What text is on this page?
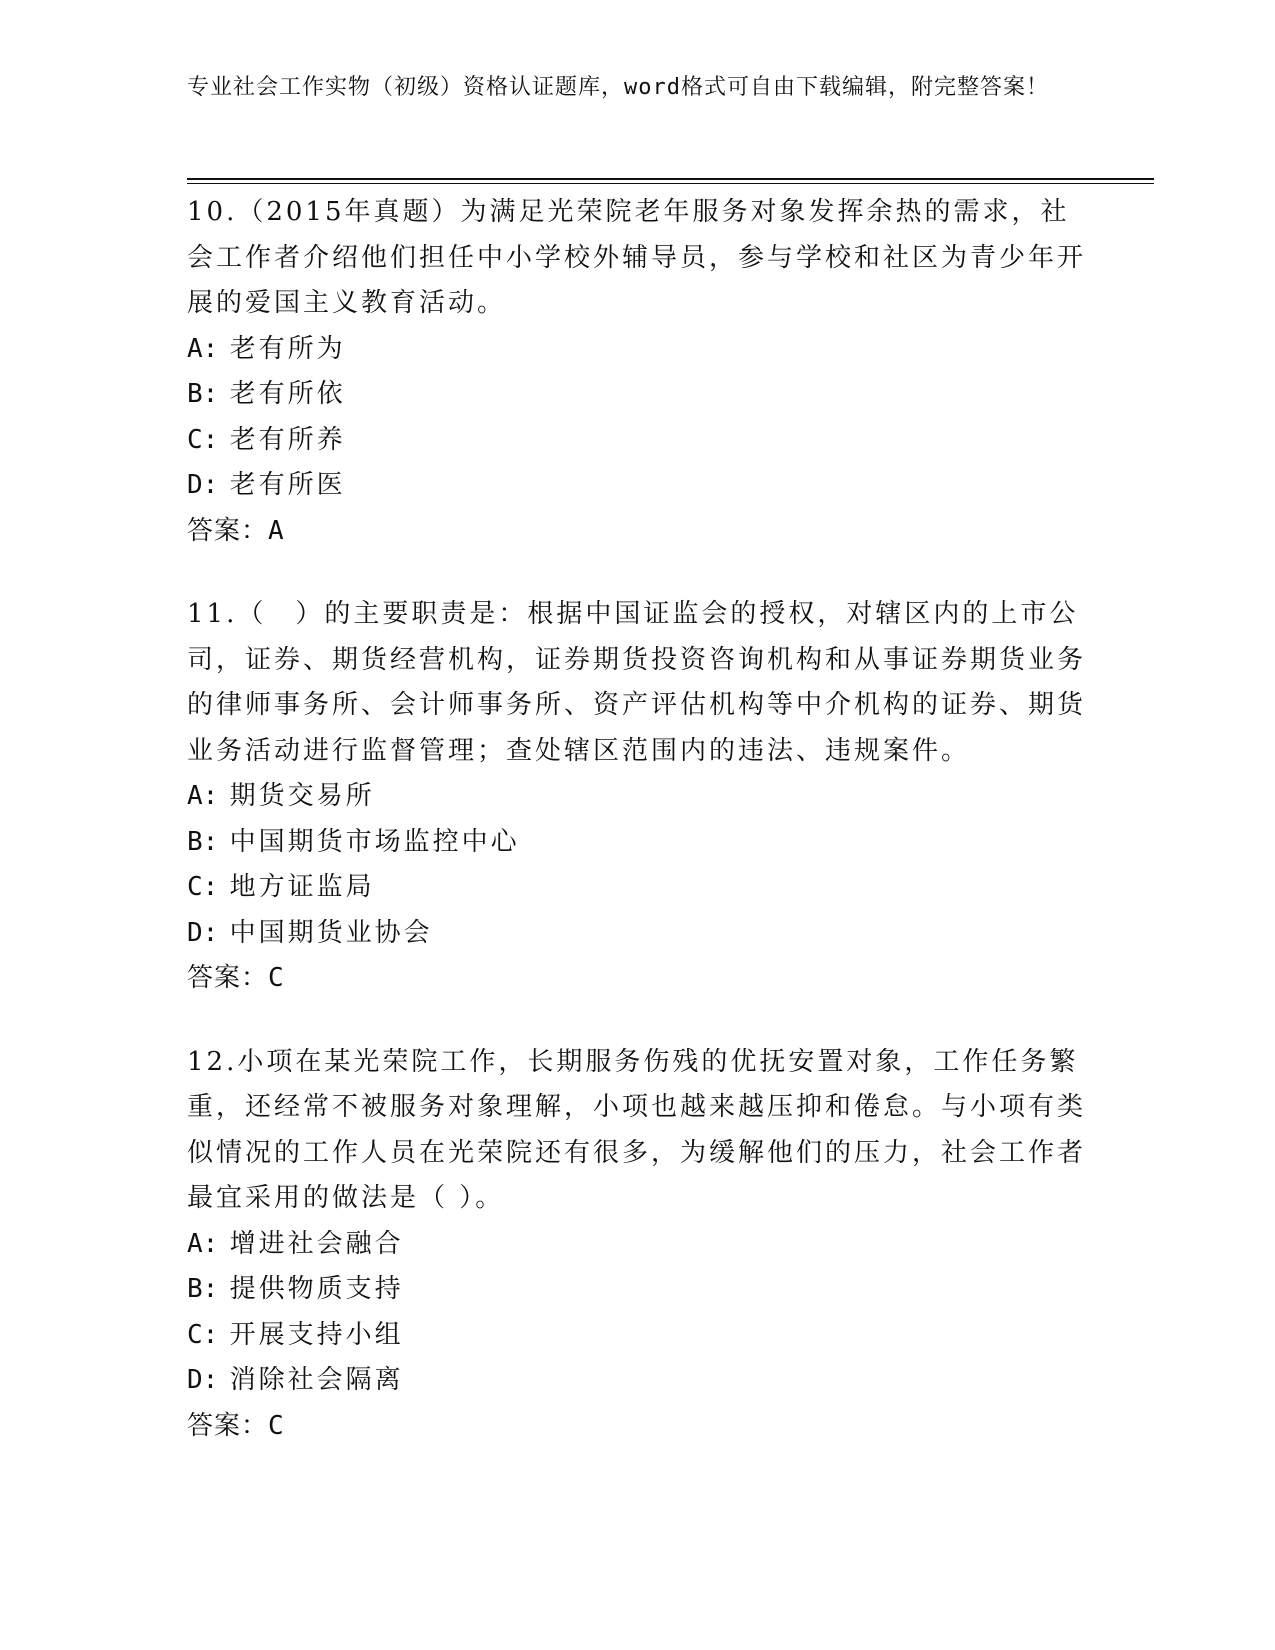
专业社会工作实物（初级）资格认证题库，word格式可自由下载编辑，附完整答案！

10.（2015年真题）为满足光荣院老年服务对象发挥余热的需求，社会工作者介绍他们担任中小学校外辅导员，参与学校和社区为青少年开展的爱国主义教育活动。

A: 老有所为

B: 老有所依

C: 老有所养

D: 老有所医

答案：A

11.（　）的主要职责是：根据中国证监会的授权，对辖区内的上市公司，证券、期货经营机构，证券期货投资咨询机构和从事证券期货业务的律师事务所、会计师事务所、资产评估机构等中介机构的证券、期货业务活动进行监督管理；查处辖区范围内的违法、违规案件。

A: 期货交易所

B: 中国期货市场监控中心

C: 地方证监局

D: 中国期货业协会

答案：C

12.小项在某光荣院工作，长期服务伤残的优抚安置对象，工作任务繁重，还经常不被服务对象理解，小项也越来越压抑和倦怠。与小项有类似情况的工作人员在光荣院还有很多，为缓解他们的压力，社会工作者最宜采用的做法是（ ）。

A: 增进社会融合

B: 提供物质支持

C: 开展支持小组

D: 消除社会隔离

答案：C
